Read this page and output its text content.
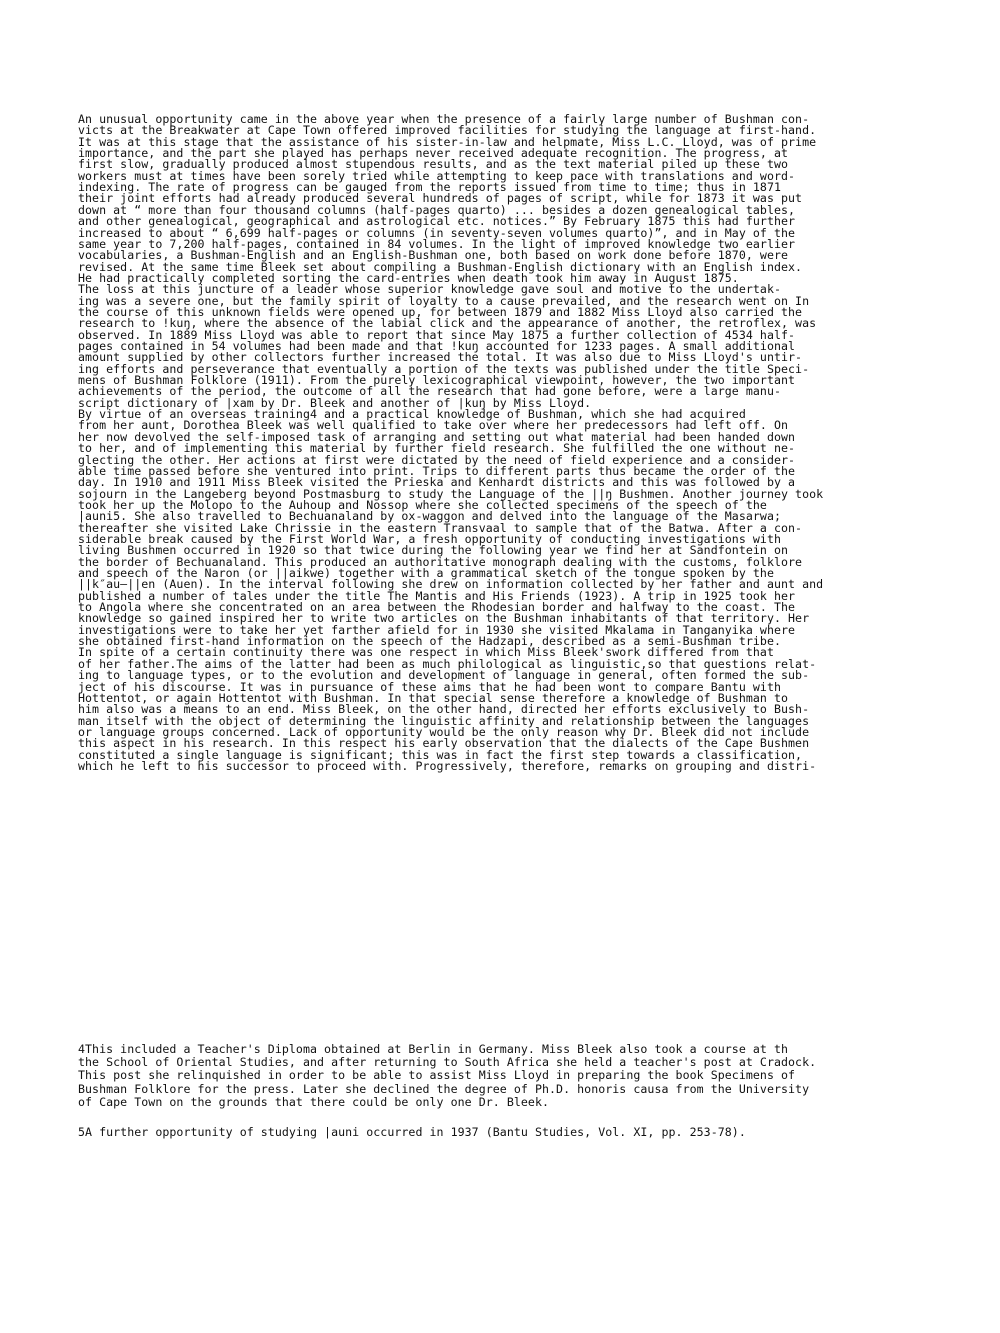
An unusual opportunity came in the above year when the presence of a fairly large number of Bushman con-
victs at the Breakwater at Cape Town offered improved facilities for studying the language at first-hand.
It was at this stage that the assistance of his sister-in-law and helpmate, Miss L.C. Lloyd, was of prime
importance, and the part she played has perhaps never received adequate recognition. The progress, at
first slow, gradually produced almost stupendous results, and as the text material piled up these two
workers must at times have been sorely tried while attempting to keep pace with translations and word-
indexing. The rate of progress can be gauged from the reports issued from time to time; thus in 1871
their joint efforts had already produced several hundreds of pages of script, while for 1873 it was put
down at “ more than four thousand columns (half-pages quarto) ... besides a dozen genealogical tables,
and other genealogical, geographical and astrological etc. notices.” By February 1875 this had further
increased to about “ 6,699 half-pages or columns (in seventy-seven volumes quarto)”, and in May of the
same year to 7,200 half-pages, contained in 84 volumes. In the light of improved knowledge two earlier
vocabularies, a Bushman-English and an English-Bushman one, both based on work done before 1870, were
revised. At the same time Bleek set about compiling a Bushman-English dictionary with an English index.
He had practically completed sorting the card-entries when death took him away in August 1875.
The loss at this juncture of a leader whose superior knowledge gave soul and motive to the undertak-
ing was a severe one, but the family spirit of loyalty to a cause prevailed, and the research went on In
the course of this unknown fields were opened up, for between 1879 and 1882 Miss Lloyd also carried the
research to !kuŋ, where the absence of the labial click and the appearance of another, the retroflex, was
observed. In 1889 Miss Lloyd was able to report that since May 1875 a further collection of 4534 half-
pages contained in 54 volumes had been made and that !kuŋ accounted for 1233 pages. A small additional
amount supplied by other collectors further increased the total. It was also due to Miss Lloyd's untir-
ing efforts and perseverance that eventually a portion of the texts was published under the title Speci-
mens of Bushman Folklore (1911). From the purely lexicographical viewpoint, however, the two important
achievements of the period, the outcome of all the research that had gone before, were a large manu-
script dictionary of |xam by Dr. Bleek and another of |kuŋ by Miss Lloyd.
By virtue of an overseas training4 and a practical knowledge of Bushman, which she had acquired
from her aunt, Dorothea Bleek was well qualified to take over where her predecessors had left off. On
her now devolved the self-imposed task of arranging and setting out what material had been handed down
to her, and of implementing this material by further field research. She fulfilled the one without ne-
glecting the other. Her actions at first were dictated by the need of field experience and a consider-
able time passed before she ventured into print. Trips to different parts thus became the order of the
day. In 1910 and 1911 Miss Bleek visited the Prieska and Kenhardt districts and this was followed by a
sojourn in the Langeberg beyond Postmasburg to study the Language of the ||ŋ Bushmen. Another journey took
took her up the Molopo to the Auhoup and Nossop where she collected specimens of the speech of the
|auni5. She also travelled to Bechuanaland by ox-waggon and delved into the language of the Masarwa;
thereafter she visited Lake Chrissie in the eastern Transvaal to sample that of the Batwa. After a con-
siderable break caused by the First World War, a fresh opportunity of conducting investigations with
living Bushmen occurred in 1920 so that twice during the following year we find her at Sandfontein on
the border of Bechuanaland. This produced an authoritative monograph dealing with the customs, folklore
and speech of the Naron (or ||aikwe) together with a grammatical sketch of the tongue spoken by the
||k″au–||en (Auen). In the interval following she drew on information collected by her father and aunt and
published a number of tales under the title The Mantis and His Friends (1923). A trip in 1925 took her
to Angola where she concentrated on an area between the Rhodesian border and halfway to the coast. The
knowledge so gained inspired her to write two articles on the Bushman inhabitants of that territory. Her
investigations were to take her yet farther afield for in 1930 she visited Mkalama in Tanganyika where
she obtained first-hand information on the speech of the Hadzapi, described as a semi-Bushman tribe.
In spite of a certain continuity there was one respect in which Miss Bleek'swork differed from that
of her father.The aims of the latter had been as much philological as linguistic,so that questions relat-
ing to language types, or to the evolution and development of language in general, often formed the sub-
ject of his discourse. It was in pursuance of these aims that he had been wont to compare Bantu with
Hottentot, or again Hottentot with Bushman. In that special sense therefore a knowledge of Bushman to
him also was a means to an end. Miss Bleek, on the other hand, directed her efforts exclusively to Bush-
man itself with the object of determining the linguistic affinity and relationship between the languages
or language groups concerned. Lack of opportunity would be the only reason why Dr. Bleek did not include
this aspect in his research. In this respect his early observation that the dialects of the Cape Bushmen
constituted a single language is significant; this was in fact the first step towards a classification,
which he left to his successor to proceed with. Progressively, therefore, remarks on grouping and distri-
4This included a Teacher's Diploma obtained at Berlin in Germany. Miss Bleek also took a course at th
the School of Oriental Studies, and after returning to South Africa she held a teacher's post at Cradock.
This post she relinquished in order to be able to assist Miss Lloyd in preparing the book Specimens of
Bushman Folklore for the press. Later she declined the degree of Ph.D. honoris causa from the University
of Cape Town on the grounds that there could be only one Dr. Bleek.
5A further opportunity of studying |auni occurred in 1937 (Bantu Studies, Vol. XI, pp. 253-78).
